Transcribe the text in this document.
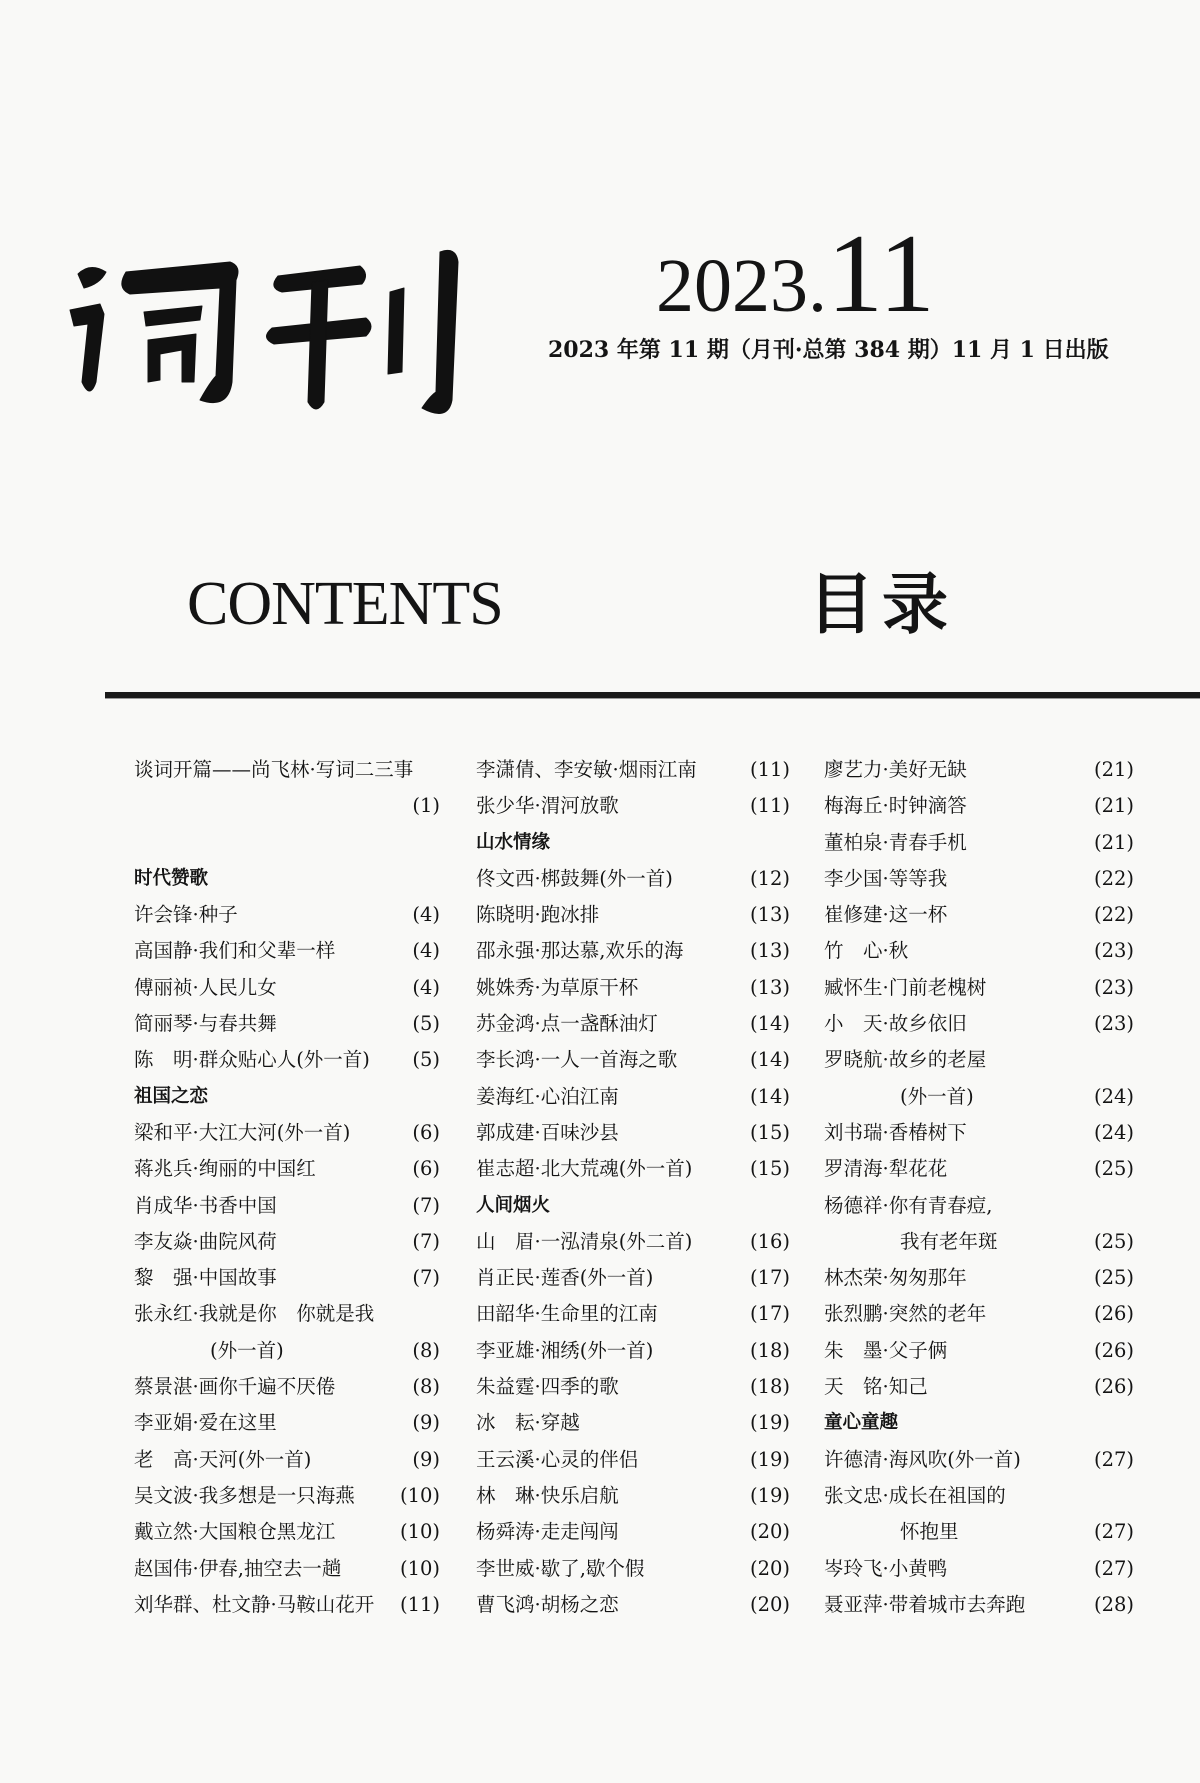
2023.11
2023 年第 11 期（月刊·总第 384 期）11 月 1 日出版
CONTENTS	目录
谈词开篇——尚飞林·写词二三事
(1)
时代赞歌
许会锋·种子	(4)
高国静·我们和父辈一样	(4)
傅丽祯·人民儿女	(4)
简丽琴·与春共舞	(5)
陈　明·群众贴心人(外一首) (5)
祖国之恋
梁和平·大江大河(外一首)	(6)
蒋兆兵·绚丽的中国红	(6)
肖成华·书香中国	(7)
李友焱·曲院风荷	(7)
黎　强·中国故事	(7)
张永红·我就是你　你就是我
(外一首)	(8)
蔡景湛·画你千遍不厌倦	(8)
李亚娟·爱在这里	(9)
老　高·天河(外一首)	(9)
吴文波·我多想是一只海燕 (10)
戴立然·大国粮仓黑龙江	(10)
赵国伟·伊春,抽空去一趟	(10)
刘华群、杜文静·马鞍山花开 (11)
李潇倩、李安敏·烟雨江南	(11)
张少华·渭河放歌	(11)
山水情缘
佟文西·梆鼓舞(外一首)	(12)
陈晓明·跑冰排	(13)
邵永强·那达慕,欢乐的海	(13)
姚姝秀·为草原干杯	(13)
苏金鸿·点一盏酥油灯	(14)
李长鸿·一人一首海之歌	(14)
姜海红·心泊江南	(14)
郭成建·百味沙县	(15)
崔志超·北大荒魂(外一首)	(15)
人间烟火
山　眉·一泓清泉(外二首)	(16)
肖正民·莲香(外一首)	(17)
田韶华·生命里的江南	(17)
李亚雄·湘绣(外一首)	(18)
朱益霆·四季的歌	(18)
冰　耘·穿越	(19)
王云溪·心灵的伴侣	(19)
林　琳·快乐启航	(19)
杨舜涛·走走闯闯	(20)
李世威·歇了,歇个假	(20)
曹飞鸿·胡杨之恋	(20)
廖艺力·美好无缺	(21)
梅海丘·时钟滴答	(21)
董柏泉·青春手机	(21)
李少国·等等我	(22)
崔修建·这一杯	(22)
竹　心·秋	(23)
臧怀生·门前老槐树	(23)
小　天·故乡依旧	(23)
罗晓航·故乡的老屋
(外一首)	(24)
刘书瑞·香椿树下	(24)
罗清海·犁花花	(25)
杨德祥·你有青春痘,
我有老年斑	(25)
林杰荣·匆匆那年	(25)
张烈鹏·突然的老年	(26)
朱　墨·父子俩	(26)
天　铭·知己	(26)
童心童趣
许德清·海风吹(外一首)	(27)
张文忠·成长在祖国的
怀抱里	(27)
岑玲飞·小黄鸭	(27)
聂亚萍·带着城市去奔跑	(28)
